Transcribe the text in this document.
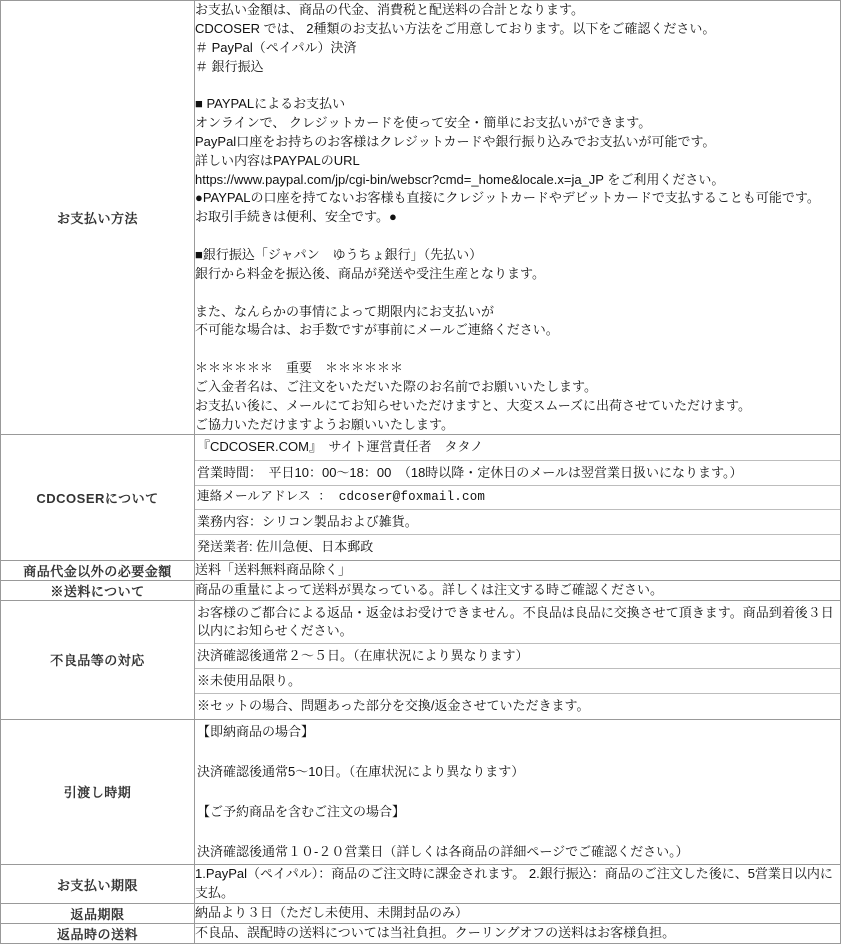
お支払い方法	
お支払い金額は、商品の代金、消費税と配送料の合計となります。
CDCOSER では、 2種類のお支払い方法をご用意しております。以下をご確認ください。
＃ PayPal（ペイパル）決済
＃ 銀行振込
■ PAYPALによるお支払い
オンラインで、 クレジットカードを使って安全・簡単にお支払いができます。
PayPal口座をお持ちのお客様はクレジットカードや銀行振り込みでお支払いが可能です。
詳しい内容はPAYPALのURL
https://www.paypal.com/jp/cgi-bin/webscr?cmd=_home&locale.x=ja_JP をご利用ください。
●PAYPALの口座を持てないお客様も直接にクレジットカードやデビットカードで支払することも可能です。
お取引手続きは便利、安全です。●
■銀行振込「ジャパン　ゆうちょ銀行」（先払い）
銀行から料金を振込後、商品が発送や受注生産となります。
また、なんらかの事情によって期限内にお支払いが
不可能な場合は、お手数ですが事前にメールご連絡ください。
＊＊＊＊＊＊　重要　＊＊＊＊＊＊
ご入金者名は、ご注文をいただいた際のお名前でお願いいたします。
お支払い後に、メールにてお知らせいただけますと、大変スムーズに出荷させていただけます。
ご協力いただけますようお願いいたします。

CDCOSERについて	『CDCOSER.COM』　サイト運営責任者　タタノ
営業時間：　平日10：00～18：00　（18時以降・定休日のメールは翌営業日扱いになります。）
連絡メールアドレス ： cdcoser@foxmail.com
業務内容：シリコン製品および雑貨。
発送業者: 佐川急便、日本郵政

商品代金以外の必要金額	送料「送料無料商品除く」
※送料について	商品の重量によって送料が異なっている。詳しくは注文する時ご確認ください。
不良品等の対応	お客様のご都合による返品・返金はお受けできません。不良品は良品に交換させて頂きます。商品到着後３日以内にお知らせください。
決済確認後通常２～５日。（在庫状況により異なります）
※未使用品限り。
※セットの場合、問題あった部分を交換/返金させていただきます。

引渡し時期	【即納商品の場合】
決済確認後通常5～10日。（在庫状況により異なります）
【ご予約商品を含むご注文の場合】
決済確認後通常１０-２０営業日（詳しくは各商品の詳細ページでご確認ください。）

お支払い期限	1.PayPal（ペイパル）：商品のご注文時に課金されます。 2.銀行振込：商品のご注文した後に、5営業日以内に支払。
返品期限	納品より３日（ただし未使用、未開封品のみ）
返品時の送料	不良品、誤配時の送料については当社負担。クーリングオフの送料はお客様負担。
